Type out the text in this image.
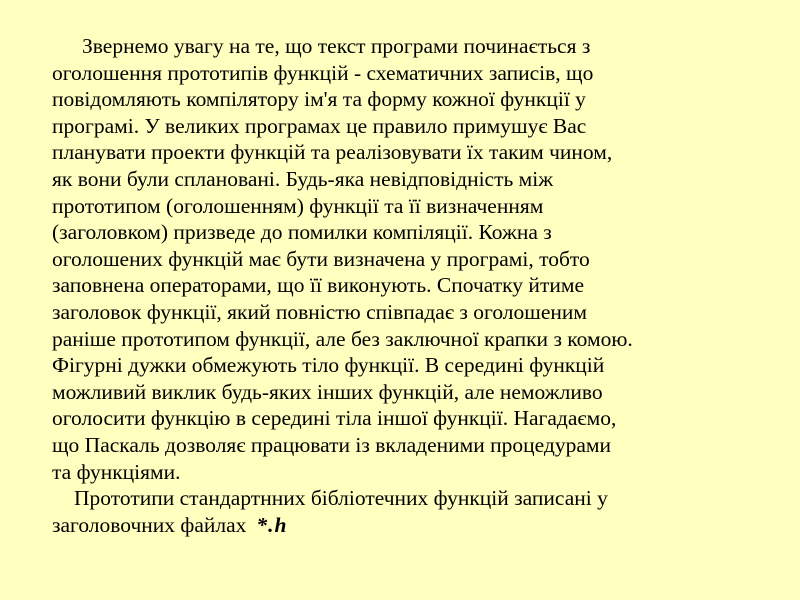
Звернемо увагу на те, що текст програми починається з
оголошення прототипів функцій - схематичних записів, що
повідомляють компілятору ім'я та форму кожної функції у
програмі. У великих програмах це правило примушує Вас
планувати проекти функцій та реалізовувати їх таким чином,
як вони були сплановані. Будь-яка невідповідність між
прототипом (оголошенням) функції та її визначенням
(заголовком) призведе до помилки компіляції. Кожна з
оголошених функцій має бути визначена у програмі, тобто
заповнена операторами, що її виконують. Спочатку йтиме
заголовок функції, який повністю співпадає з оголошеним
раніше прототипом функції, але без заключної крапки з комою.
Фігурні дужки обмежують тіло функції. В середині функцій
можливий виклик будь-яких інших функцій, але неможливо
оголосити функцію в середині тіла іншої функції. Нагадаємо,
що Паскаль дозволяє працювати із вкладеними процедурами
та функціями.
Прототипи стандартнних бібліотечних функцій записані у
заголовочних файлах *.h
